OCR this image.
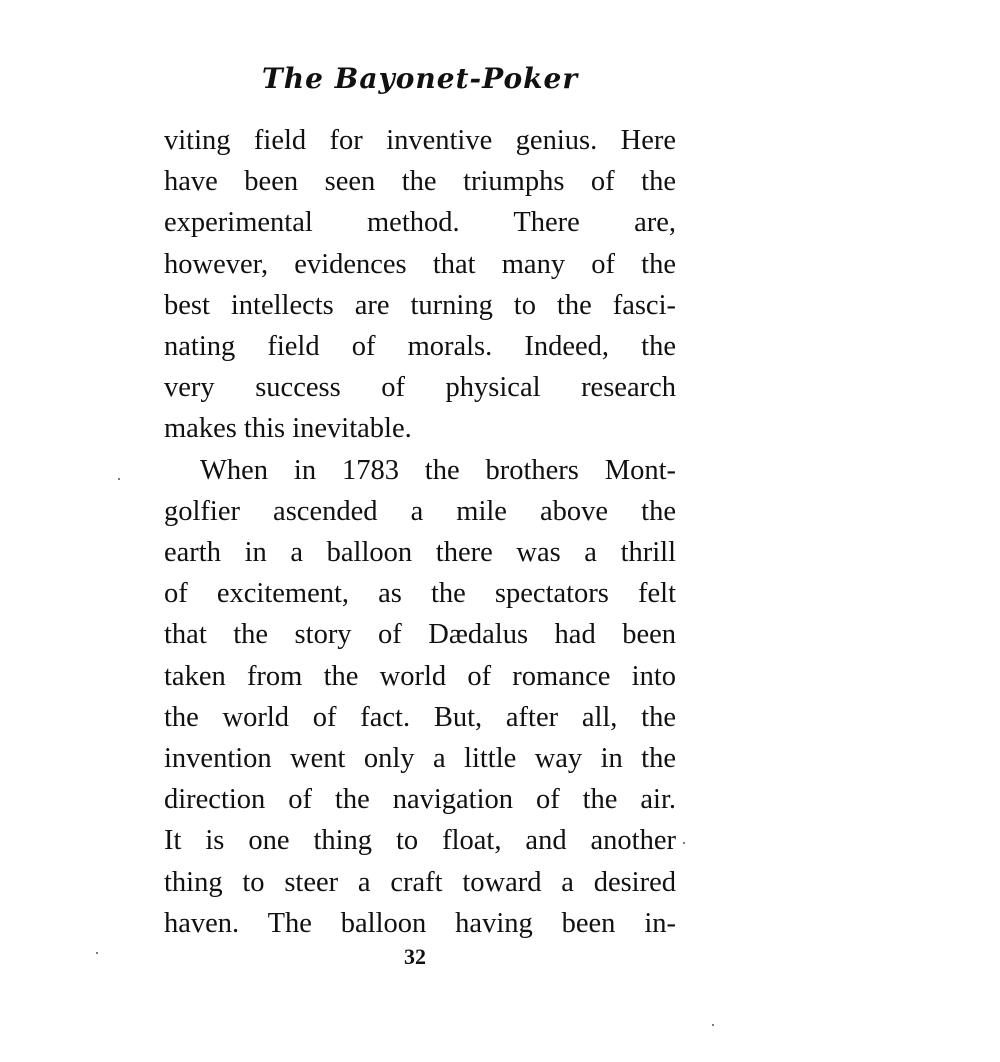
The Bayonet-Poker
viting field for inventive genius. Here
have been seen the triumphs of the
experimental method. There are,
however, evidences that many of the
best intellects are turning to the fasci-
nating field of morals. Indeed, the
very success of physical research
makes this inevitable.
When in 1783 the brothers Mont-
golfier ascended a mile above the
earth in a balloon there was a thrill
of excitement, as the spectators felt
that the story of Dædalus had been
taken from the world of romance into
the world of fact. But, after all, the
invention went only a little way in the
direction of the navigation of the air.
It is one thing to float, and another
thing to steer a craft toward a desired
haven. The balloon having been in-
32
